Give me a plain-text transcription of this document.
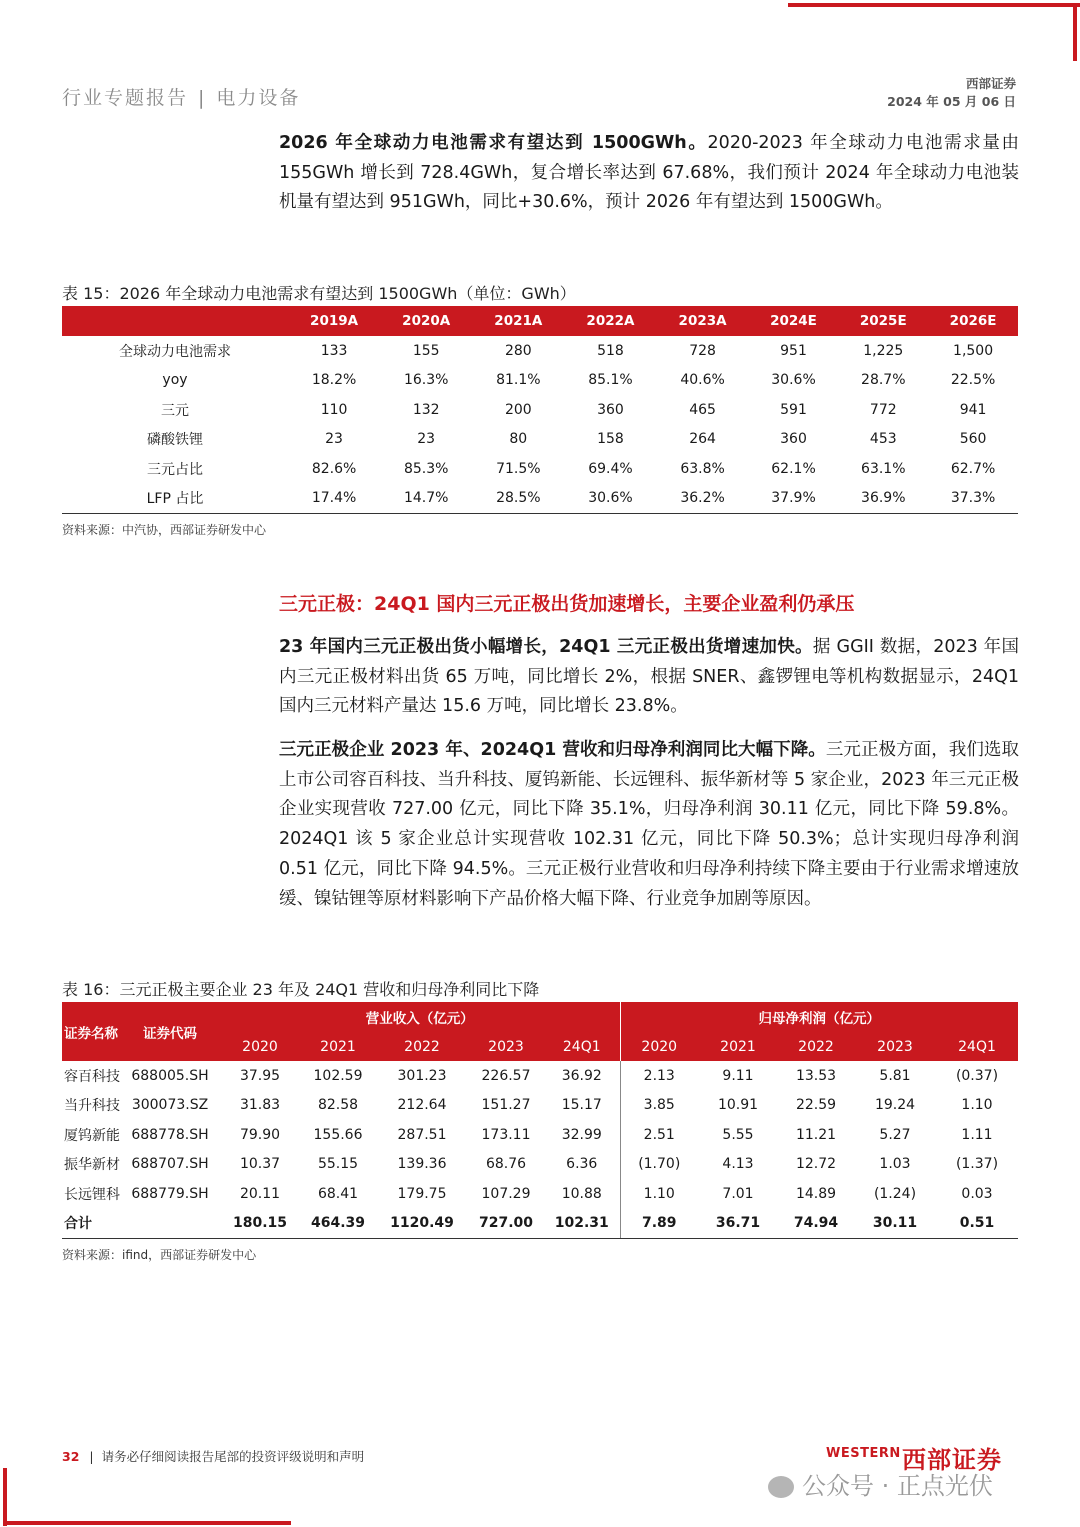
行业专题报告 | 电力设备
西部证券
2024 年 05 月 06 日
2026 年全球动力电池需求有望达到 1500GWh。2020-2023 年全球动力电池需求量由 155GWh 增长到 728.4GWh，复合增长率达到 67.68%，我们预计 2024 年全球动力电池装机量有望达到 951GWh，同比+30.6%，预计 2026 年有望达到 1500GWh。
表 15：2026 年全球动力电池需求有望达到 1500GWh（单位：GWh）
	2019A	2020A	2021A	2022A	2023A	2024E	2025E	2026E
全球动力电池需求	133	155	280	518	728	951	1,225	1,500
yoy	18.2%	16.3%	81.1%	85.1%	40.6%	30.6%	28.7%	22.5%
三元	110	132	200	360	465	591	772	941
磷酸铁锂	23	23	80	158	264	360	453	560
三元占比	82.6%	85.3%	71.5%	69.4%	63.8%	62.1%	63.1%	62.7%
LFP 占比	17.4%	14.7%	28.5%	30.6%	36.2%	37.9%	36.9%	37.3%
资料来源：中汽协，西部证券研发中心
三元正极：24Q1 国内三元正极出货加速增长，主要企业盈利仍承压
23 年国内三元正极出货小幅增长，24Q1 三元正极出货增速加快。据 GGII 数据，2023 年国内三元正极材料出货 65 万吨，同比增长 2%，根据 SNER、鑫锣锂电等机构数据显示，24Q1 国内三元材料产量达 15.6 万吨，同比增长 23.8%。
三元正极企业 2023 年、2024Q1 营收和归母净利润同比大幅下降。三元正极方面，我们选取上市公司容百科技、当升科技、厦钨新能、长远锂科、振华新材等 5 家企业，2023 年三元正极企业实现营收 727.00 亿元，同比下降 35.1%，归母净利润 30.11 亿元，同比下降 59.8%。2024Q1 该 5 家企业总计实现营收 102.31 亿元，同比下降 50.3%；总计实现归母净利润 0.51 亿元，同比下降 94.5%。三元正极行业营收和归母净利持续下降主要由于行业需求增速放缓、镍钴锂等原材料影响下产品价格大幅下降、行业竞争加剧等原因。
表 16：三元正极主要企业 23 年及 24Q1 营收和归母净利同比下降
证券名称	证券代码	营业收入（亿元）					归母净利润（亿元）				
		2020	2021	2022	2023	24Q1	2020	2021	2022	2023	24Q1
容百科技	688005.SH	37.95	102.59	301.23	226.57	36.92	2.13	9.11	13.53	5.81	(0.37)
当升科技	300073.SZ	31.83	82.58	212.64	151.27	15.17	3.85	10.91	22.59	19.24	1.10
厦钨新能	688778.SH	79.90	155.66	287.51	173.11	32.99	2.51	5.55	11.21	5.27	1.11
振华新材	688707.SH	10.37	55.15	139.36	68.76	6.36	(1.70)	4.13	12.72	1.03	(1.37)
长远锂科	688779.SH	20.11	68.41	179.75	107.29	10.88	1.10	7.01	14.89	(1.24)	0.03
合计		180.15	464.39	1120.49	727.00	102.31	7.89	36.71	74.94	30.11	0.51
资料来源：ifind，西部证券研发中心
32 | 请务必仔细阅读报告尾部的投资评级说明和声明	WESTERN 西部证券
公众号 · 正点光伏
